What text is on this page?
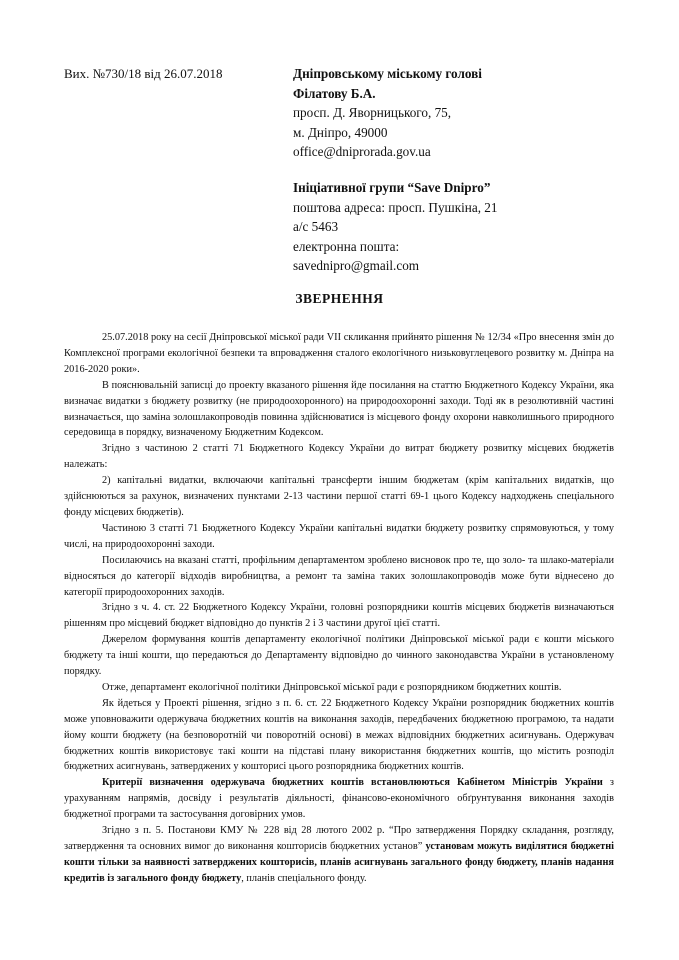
Вих. №730/18 від 26.07.2018	Дніпровському міському голові
Філатову Б.А.
просп. Д. Яворницького, 75,
м. Дніпро, 49000
office@dniprorada.gov.ua
Ініціативної групи “Save Dnipro”
поштова адреса: просп. Пушкіна, 21
а/с 5463
електронна пошта:
savednipro@gmail.com
ЗВЕРНЕННЯ

25.07.2018 року на сесії Дніпровської міської ради VII скликання прийнято рішення № 12/34 «Про внесення змін до Комплексної програми екологічної безпеки та впровадження сталого екологічного низьковуглецевого розвитку м. Дніпра на 2016-2020 роки».

В пояснювальній записці до проекту вказаного рішення йде посилання на статтю Бюджетного Кодексу України, яка визначає видатки з бюджету розвитку (не природоохоронного) на природоохоронні заходи. Тоді як в резолютивній частині визначається, що заміна золошлакопроводів повинна здійснюватися із місцевого фонду охорони навколишнього природного середовища в порядку, визначеному Бюджетним Кодексом.

Згідно з частиною 2 статті 71 Бюджетного Кодексу України до витрат бюджету розвитку місцевих бюджетів належать:

2) капітальні видатки, включаючи капітальні трансферти іншим бюджетам (крім капітальних видатків, що здійснюються за рахунок, визначених пунктами 2-13 частини першої статті 69-1 цього Кодексу надходжень спеціального фонду місцевих бюджетів).

Частиною 3 статті 71 Бюджетного Кодексу України капітальні видатки бюджету розвитку спрямовуються, у тому числі, на природоохоронні заходи.

Посилаючись на вказані статті, профільним департаментом зроблено висновок про те, що золо- та шлако-матеріали відносяться до категорії відходів виробництва, а ремонт та заміна таких золошлакопроводів може бути віднесено до категорії природоохоронних заходів.

Згідно з ч. 4. ст. 22 Бюджетного Кодексу України, головні розпорядники коштів місцевих бюджетів визначаються рішенням про місцевий бюджет відповідно до пунктів 2 і 3 частини другої цієї статті.

Джерелом формування коштів департаменту екологічної політики Дніпровської міської ради є кошти міського бюджету та інші кошти, що передаються до Департаменту відповідно до чинного законодавства України в установленому порядку.

Отже, департамент екологічної політики Дніпровської міської ради є розпорядником бюджетних коштів.

Як йдеться у Проекті рішення, згідно з п. 6. ст. 22 Бюджетного Кодексу України розпорядник бюджетних коштів може уповноважити одержувача бюджетних коштів на виконання заходів, передбачених бюджетною програмою, та надати йому кошти бюджету (на безповоротній чи поворотній основі) в межах відповідних бюджетних асигнувань. Одержувач бюджетних коштів використовує такі кошти на підставі плану використання бюджетних коштів, що містить розподіл бюджетних асигнувань, затверджених у кошторисі цього розпорядника бюджетних коштів.

Критерії визначення одержувача бюджетних коштів встановлюються Кабінетом Міністрів України з урахуванням напрямів, досвіду і результатів діяльності, фінансово-економічного обґрунтування виконання заходів бюджетної програми та застосування договірних умов.

Згідно з п. 5. Постанови КМУ № 228 від 28 лютого 2002 р. “Про затвердження Порядку складання, розгляду, затвердження та основних вимог до виконання кошторисів бюджетних установ” установам можуть виділятися бюджетні кошти тільки за наявності затверджених кошторисів, планів асигнувань загального фонду бюджету, планів надання кредитів із загального фонду бюджету, планів спеціального фонду.
